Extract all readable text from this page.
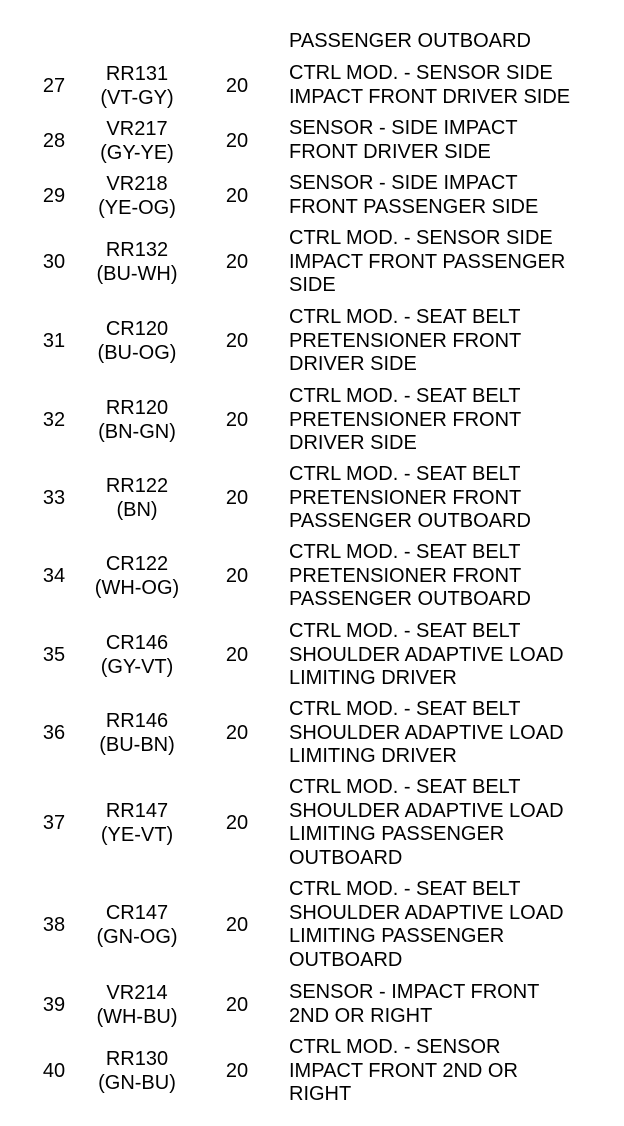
PASSENGER OUTBOARD
27
RR131
(VT-GY)
20
CTRL MOD. - SENSOR SIDE
IMPACT FRONT DRIVER SIDE
28
VR217
(GY-YE)
20
SENSOR - SIDE IMPACT
FRONT DRIVER SIDE
29
VR218
(YE-OG)
20
SENSOR - SIDE IMPACT
FRONT PASSENGER SIDE
30
RR132
(BU-WH)
20
CTRL MOD. - SENSOR SIDE
IMPACT FRONT PASSENGER
SIDE
31
CR120
(BU-OG)
20
CTRL MOD. - SEAT BELT
PRETENSIONER FRONT
DRIVER SIDE
32
RR120
(BN-GN)
20
CTRL MOD. - SEAT BELT
PRETENSIONER FRONT
DRIVER SIDE
33
RR122
(BN)
20
CTRL MOD. - SEAT BELT
PRETENSIONER FRONT
PASSENGER OUTBOARD
34
CR122
(WH-OG)
20
CTRL MOD. - SEAT BELT
PRETENSIONER FRONT
PASSENGER OUTBOARD
35
CR146
(GY-VT)
20
CTRL MOD. - SEAT BELT
SHOULDER ADAPTIVE LOAD
LIMITING DRIVER
36
RR146
(BU-BN)
20
CTRL MOD. - SEAT BELT
SHOULDER ADAPTIVE LOAD
LIMITING DRIVER
37
RR147
(YE-VT)
20
CTRL MOD. - SEAT BELT
SHOULDER ADAPTIVE LOAD
LIMITING PASSENGER
OUTBOARD
38
CR147
(GN-OG)
20
CTRL MOD. - SEAT BELT
SHOULDER ADAPTIVE LOAD
LIMITING PASSENGER
OUTBOARD
39
VR214
(WH-BU)
20
SENSOR - IMPACT FRONT
2ND OR RIGHT
40
RR130
(GN-BU)
20
CTRL MOD. - SENSOR
IMPACT FRONT 2ND OR
RIGHT
